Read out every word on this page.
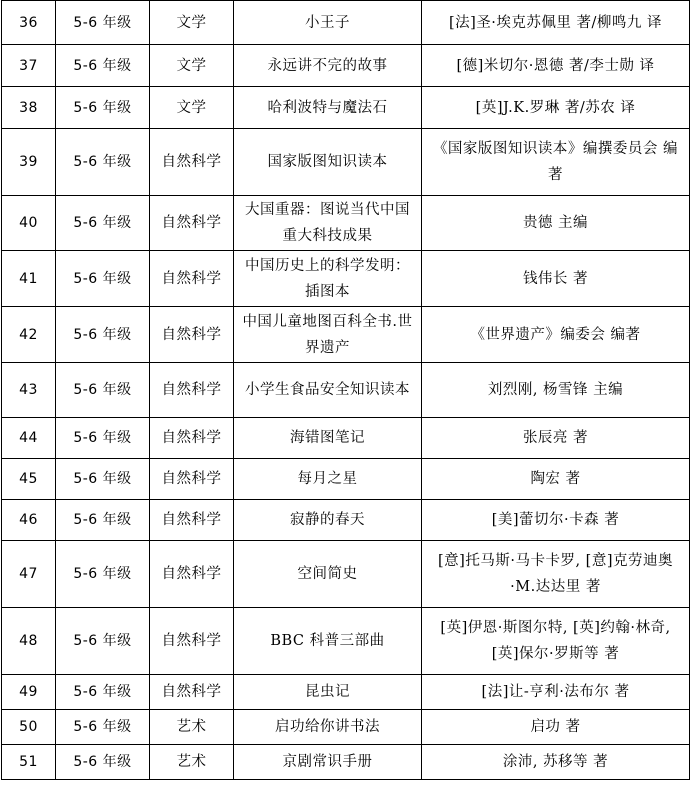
36	5-6 年级	文学	小王子	[法]圣·埃克苏佩里 著/柳鸣九 译
37	5-6 年级	文学	永远讲不完的故事	[德]米切尔·恩德 著/李士勋 译
38	5-6 年级	文学	哈利波特与魔法石	[英]J.K.罗琳 著/苏农 译
39	5-6 年级	自然科学	国家版图知识读本	《国家版图知识读本》编撰委员会 编著
40	5-6 年级	自然科学	大国重器：图说当代中国重大科技成果	贵德 主编
41	5-6 年级	自然科学	中国历史上的科学发明：插图本	钱伟长 著
42	5-6 年级	自然科学	中国儿童地图百科全书.世界遗产	《世界遗产》编委会 编著
43	5-6 年级	自然科学	小学生食品安全知识读本	刘烈刚, 杨雪锋 主编
44	5-6 年级	自然科学	海错图笔记	张辰亮 著
45	5-6 年级	自然科学	每月之星	陶宏 著
46	5-6 年级	自然科学	寂静的春天	[美]蕾切尔·卡森 著
47	5-6 年级	自然科学	空间简史	[意]托马斯·马卡卡罗, [意]克劳迪奥·M.达达里 著
48	5-6 年级	自然科学	BBC 科普三部曲	[英]伊恩·斯图尔特, [英]约翰·林奇, [英]保尔·罗斯等 著
49	5-6 年级	自然科学	昆虫记	[法]让-亨利·法布尔 著
50	5-6 年级	艺术	启功给你讲书法	启功 著
51	5-6 年级	艺术	京剧常识手册	涂沛, 苏移等 著
